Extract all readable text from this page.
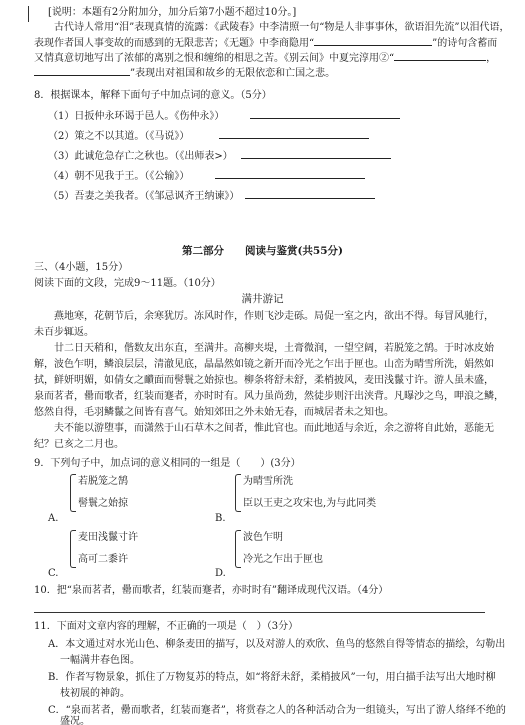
[说明：本题有2分附加分，加分后第7小题不超过10分。]
古代诗人常用“泪”表现真情的流露：《武陵春》中李清照一句“物是人非事事休，欲语泪先流”以泪代语，
表现作者国人事变故的而感到的无限悲苦；《无题》中李商隐用“	”的诗句含蓄而
又情真意切地写出了浓郁的离别之恨和缠绵的相思之苦。《别云间》中夏完淳用②“	，
”表现出对祖国和故乡的无限依恋和亡国之悲。
8．根据课本，解释下面句子中加点词的意义。（5分）
（1）日扳仲永环谒于邑人。《伤仲永》）
（2）策之不以其道。（《马说》）
（3）此诚危急存亡之秋也。（《出师表>）
（4）朝不见我于王。（《公输》）
（5）吾妻之美我者。（《邹忌讽齐王纳谏》）
第二部分　　阅读与鉴赏(共55分)
三、（4小题，15分）
阅读下面的文段，完成9～11题。（10分）
满井游记
燕地寒，花朝节后，余寒犹厉。冻风时作，作则飞沙走砾。局促一室之内，欲出不得。每冒风驰行，
未百步辄返。
廿二日天稍和，偕数友出东直，至满井。高柳夹堤，土膏微润，一望空阔，若脱笼之鹄。于时冰皮始
解，波色乍明，鳞浪层层，清澈见底，晶晶然如镜之新开而冷光之乍出于匣也。山峦为晴雪所洗，娟然如
拭，鲜妍明媚，如倩女之靧面而髻鬟之始掠也。柳条将舒未舒，柔梢披风，麦田浅鬣寸许。游人虽未盛，
泉而茗者，罍而歌者，红装而蹇者，亦时时有。风力虽尚劲，然徒步则汗出浃背。凡曝沙之鸟，呷浪之鳞，
悠然自得，毛羽鳞鬣之间皆有喜气。始知郊田之外未始无春，而城居者未之知也。
夫不能以游堕事，而潇然于山石草木之间者，惟此官也。而此地适与余近，余之游将自此始，恶能无
纪？已亥之二月也。
9．下列句子中，加点词的意义相同的一组是（　　）(3分）
若脱笼之鹄
髻鬟之始掠
A.
为晴雪所洗
臣以王吏之攻宋也,为与此同类
B.
麦田浅鬣寸许
高可二黍许
C.
波色乍明
冷光之乍出于匣也
D.
10．把“泉而茗者，罍而歌者，红装而蹇者，亦时时有”翻译成现代汉语。（4分）
11．下面对文章内容的理解，不正确的一项是（　）（3分）
A．本文通过对水光山色、柳条麦田的描写，以及对游人的欢欣、鱼鸟的悠然自得等情态的描绘，勾勒出
一幅满井春色图。
B．作者写物景象，抓住了万物复苏的特点，如“将舒未舒，柔梢披风”一句，用白描手法写出大地时柳
枝初展的神韵。
C．“泉而茗者，罍而歌者，红装而蹇者”，将赏春之人的各种活动合为一组镜头，写出了游人络绎不绝的
盛况。
